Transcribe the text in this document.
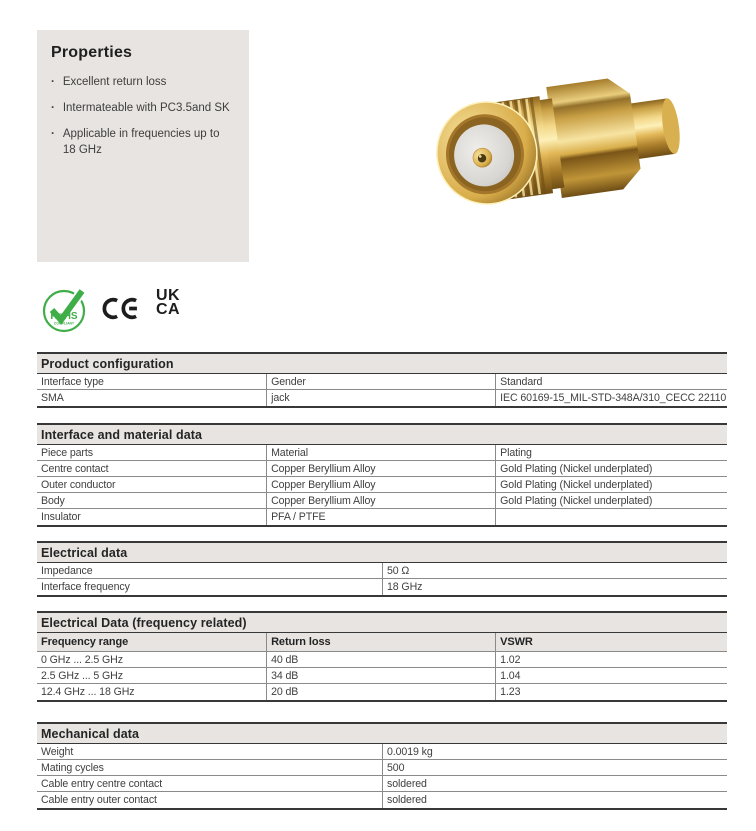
Properties
· Excellent return loss
· Intermateable with PC3.5and SK
· Applicable in frequencies up to 18 GHz
RoHS
COMPLIANT
UK
CA
Product configuration
Interface type	Gender	Standard
SMA	jack	IEC 60169-15_MIL-STD-348A/310_CECC 22110
Interface and material data
Piece parts	Material	Plating
Centre contact	Copper Beryllium Alloy	Gold Plating (Nickel underplated)
Outer conductor	Copper Beryllium Alloy	Gold Plating (Nickel underplated)
Body	Copper Beryllium Alloy	Gold Plating (Nickel underplated)
Insulator	PFA / PTFE
Electrical data
Impedance	50 Ω
Interface frequency	18 GHz
Electrical Data (frequency related)
Frequency range	Return loss	VSWR
0 GHz ... 2.5 GHz	40 dB	1.02
2.5 GHz ... 5 GHz	34 dB	1.04
12.4 GHz ... 18 GHz	20 dB	1.23
Mechanical data
Weight	0.0019 kg
Mating cycles	500
Cable entry centre contact	soldered
Cable entry outer contact	soldered
